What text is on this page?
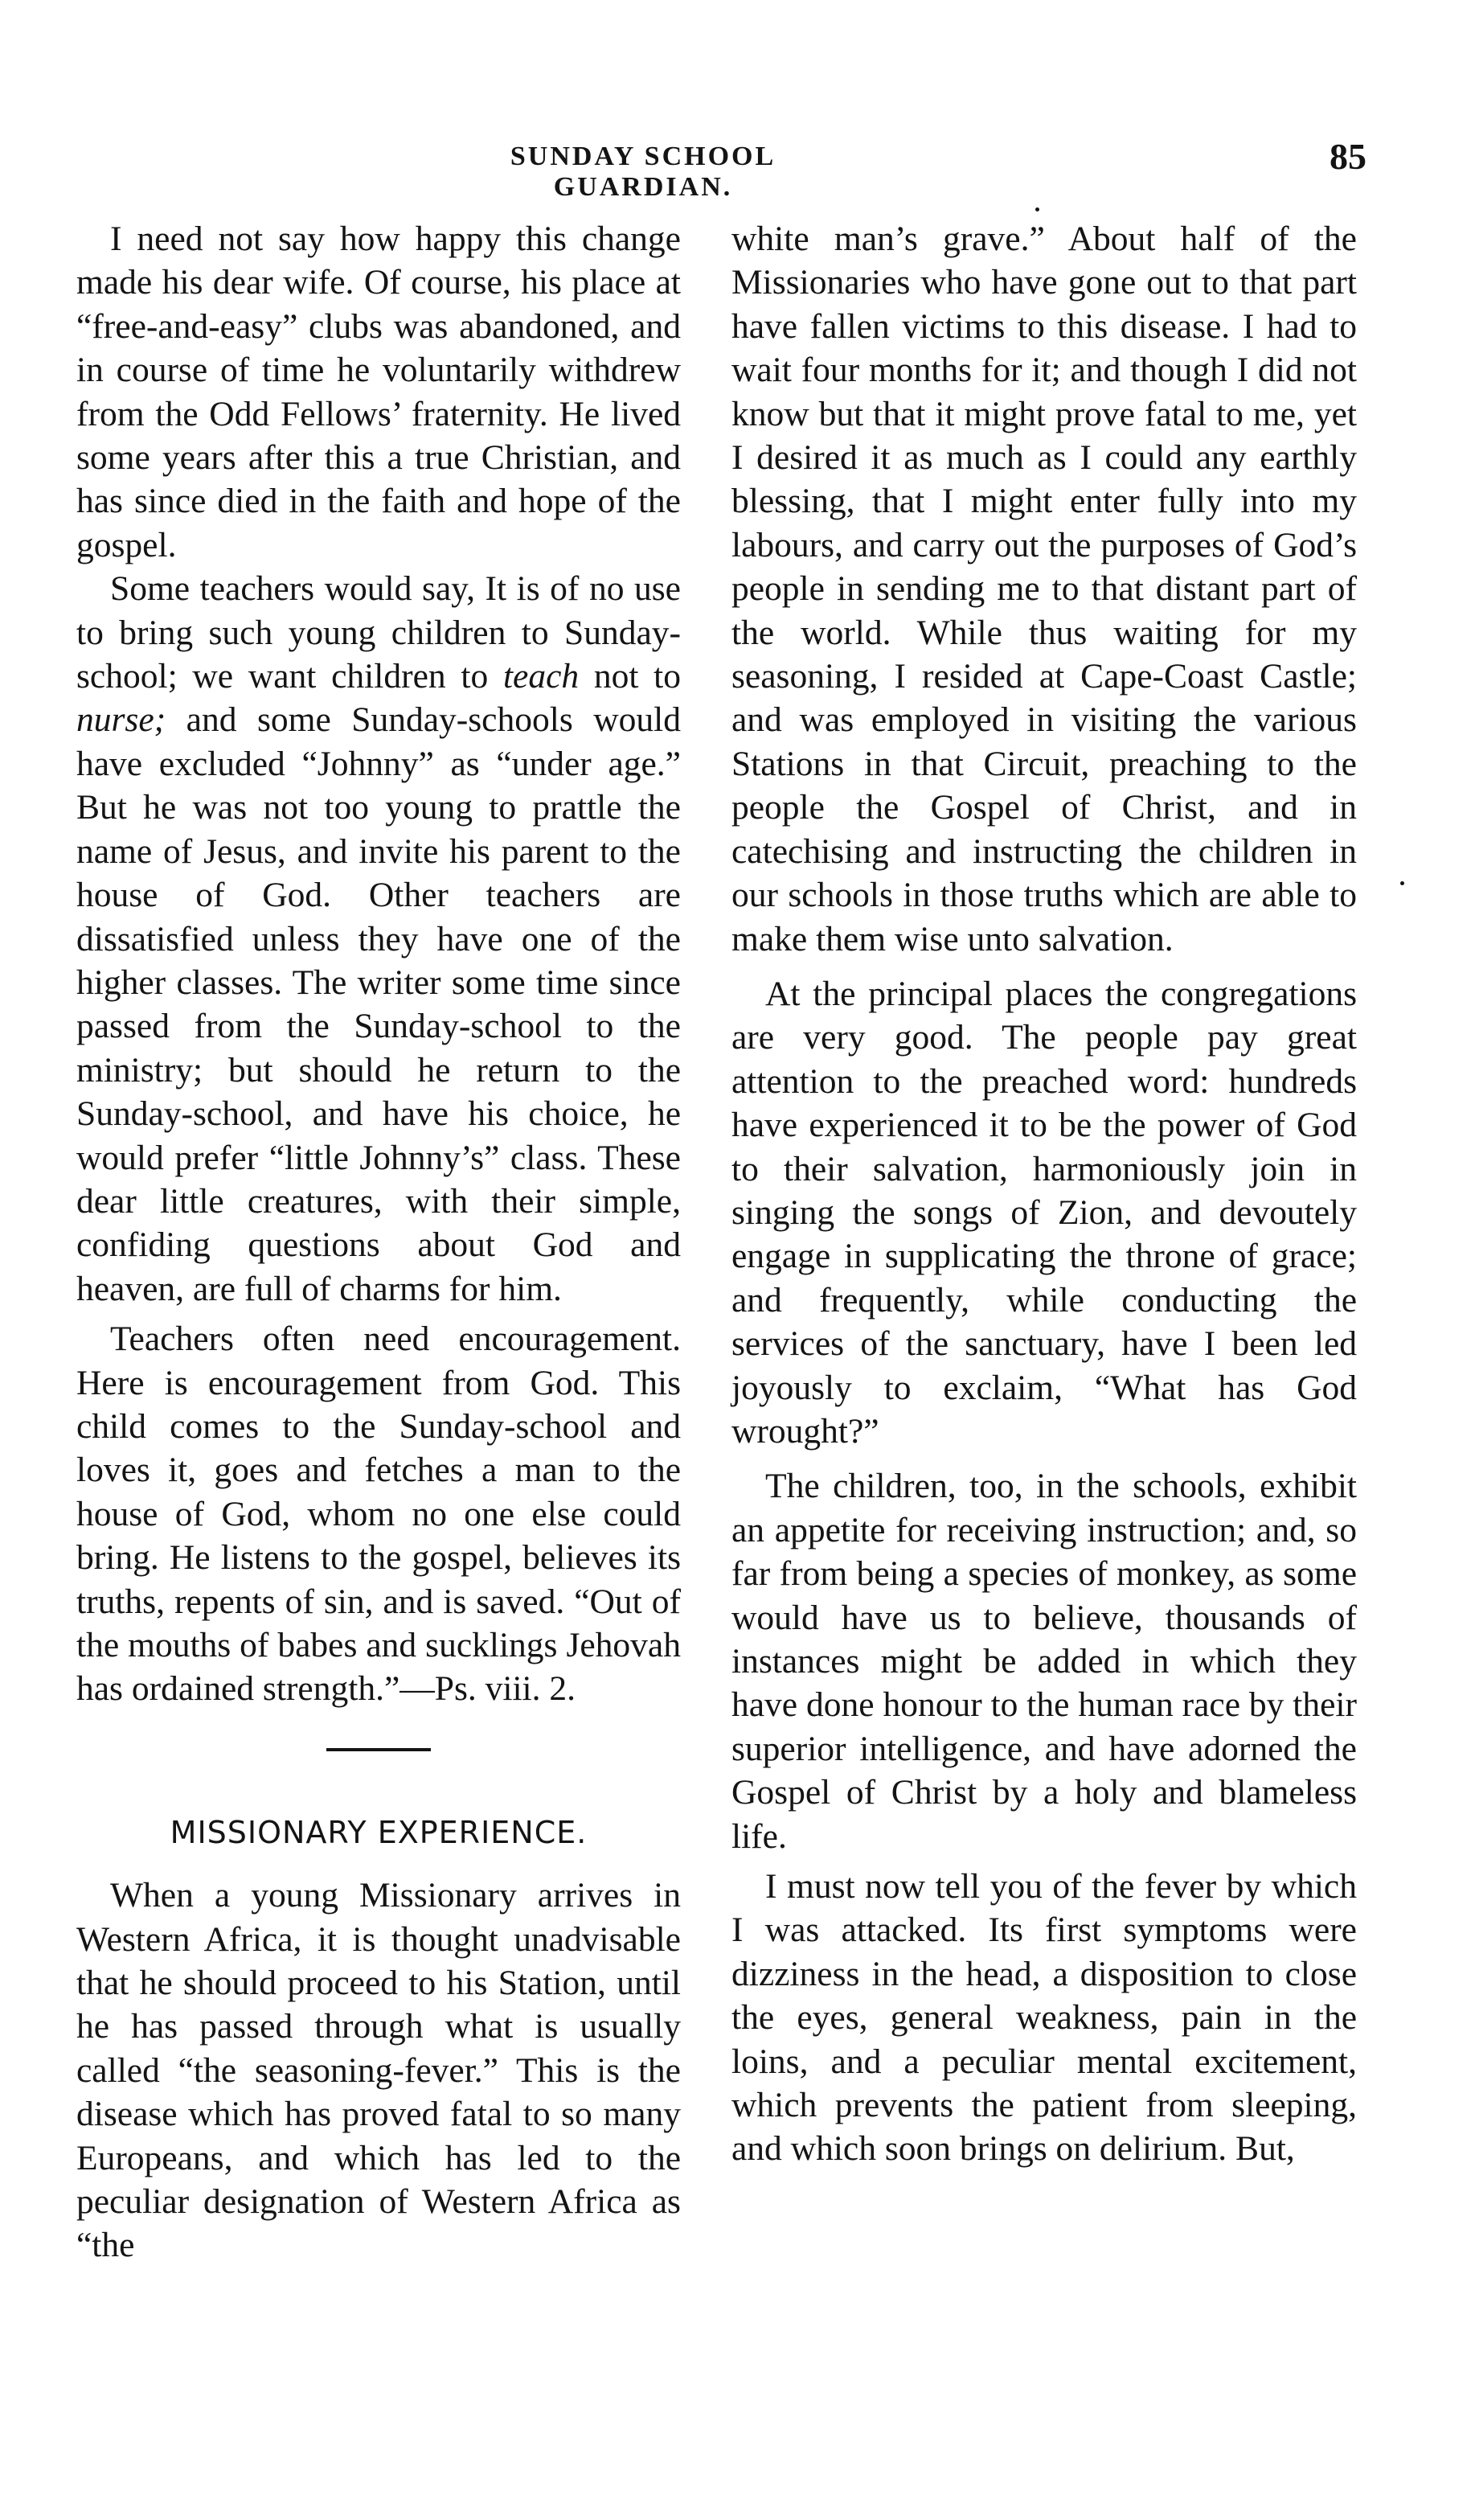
SUNDAY SCHOOL GUARDIAN.
85

I need not say how happy this change made his dear wife. Of course, his place at “free-and-easy” clubs was abandoned, and in course of time he voluntarily withdrew from the Odd Fellows’ fraternity. He lived some years after this a true Christian, and has since died in the faith and hope of the gospel.

Some teachers would say, It is of no use to bring such young children to Sunday-school; we want children to teach not to nurse; and some Sunday-schools would have excluded “Johnny” as “under age.” But he was not too young to prattle the name of Jesus, and invite his parent to the house of God. Other teachers are dissatisfied unless they have one of the higher classes. The writer some time since passed from the Sunday-school to the ministry; but should he return to the Sunday-school, and have his choice, he would prefer “little Johnny’s” class. These dear little creatures, with their simple, confiding questions about God and heaven, are full of charms for him.

Teachers often need encouragement. Here is encouragement from God. This child comes to the Sunday-school and loves it, goes and fetches a man to the house of God, whom no one else could bring. He listens to the gospel, believes its truths, repents of sin, and is saved. “Out of the mouths of babes and sucklings Jehovah has ordained strength.”—Ps. viii. 2.

MISSIONARY EXPERIENCE.

When a young Missionary arrives in Western Africa, it is thought unadvisable that he should proceed to his Station, until he has passed through what is usually called “the seasoning-fever.” This is the disease which has proved fatal to so many Europeans, and which has led to the peculiar designation of Western Africa as “the

white man’s grave.” About half of the Missionaries who have gone out to that part have fallen victims to this disease. I had to wait four months for it; and though I did not know but that it might prove fatal to me, yet I desired it as much as I could any earthly blessing, that I might enter fully into my labours, and carry out the purposes of God’s people in sending me to that distant part of the world. While thus waiting for my seasoning, I resided at Cape-Coast Castle; and was employed in visiting the various Stations in that Circuit, preaching to the people the Gospel of Christ, and in catechising and instructing the children in our schools in those truths which are able to make them wise unto salvation.

At the principal places the congregations are very good. The people pay great attention to the preached word: hundreds have experienced it to be the power of God to their salvation, harmoniously join in singing the songs of Zion, and devoutely engage in supplicating the throne of grace; and frequently, while conducting the services of the sanctuary, have I been led joyously to exclaim, “What has God wrought?”

The children, too, in the schools, exhibit an appetite for receiving instruction; and, so far from being a species of monkey, as some would have us to believe, thousands of instances might be added in which they have done honour to the human race by their superior intelligence, and have adorned the Gospel of Christ by a holy and blameless life.

I must now tell you of the fever by which I was attacked. Its first symptoms were dizziness in the head, a disposition to close the eyes, general weakness, pain in the loins, and a peculiar mental excitement, which prevents the patient from sleeping, and which soon brings on delirium. But,
